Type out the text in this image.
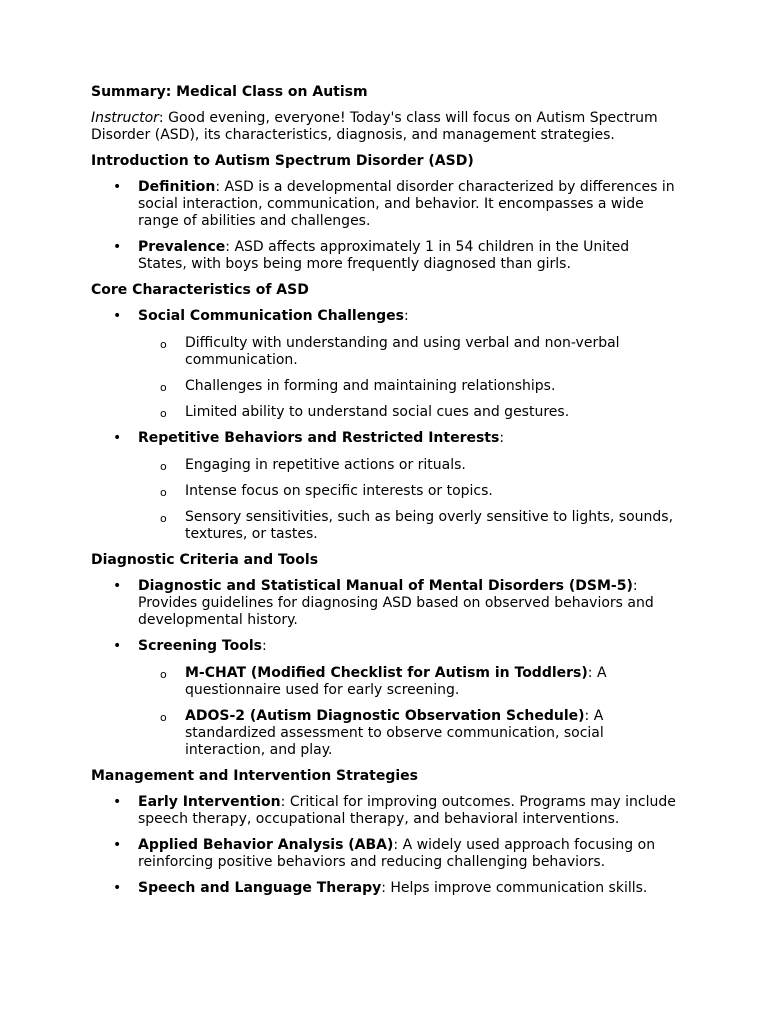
Summary: Medical Class on Autism
Instructor: Good evening, everyone! Today's class will focus on Autism Spectrum Disorder (ASD), its characteristics, diagnosis, and management strategies.
Introduction to Autism Spectrum Disorder (ASD)
• Definition: ASD is a developmental disorder characterized by differences in social interaction, communication, and behavior. It encompasses a wide range of abilities and challenges.
• Prevalence: ASD affects approximately 1 in 54 children in the United States, with boys being more frequently diagnosed than girls.
Core Characteristics of ASD
• Social Communication Challenges:
o Difficulty with understanding and using verbal and non-verbal communication.
o Challenges in forming and maintaining relationships.
o Limited ability to understand social cues and gestures.
• Repetitive Behaviors and Restricted Interests:
o Engaging in repetitive actions or rituals.
o Intense focus on specific interests or topics.
o Sensory sensitivities, such as being overly sensitive to lights, sounds, textures, or tastes.
Diagnostic Criteria and Tools
• Diagnostic and Statistical Manual of Mental Disorders (DSM-5): Provides guidelines for diagnosing ASD based on observed behaviors and developmental history.
• Screening Tools:
o M-CHAT (Modified Checklist for Autism in Toddlers): A questionnaire used for early screening.
o ADOS-2 (Autism Diagnostic Observation Schedule): A standardized assessment to observe communication, social interaction, and play.
Management and Intervention Strategies
• Early Intervention: Critical for improving outcomes. Programs may include speech therapy, occupational therapy, and behavioral interventions.
• Applied Behavior Analysis (ABA): A widely used approach focusing on reinforcing positive behaviors and reducing challenging behaviors.
• Speech and Language Therapy: Helps improve communication skills.
